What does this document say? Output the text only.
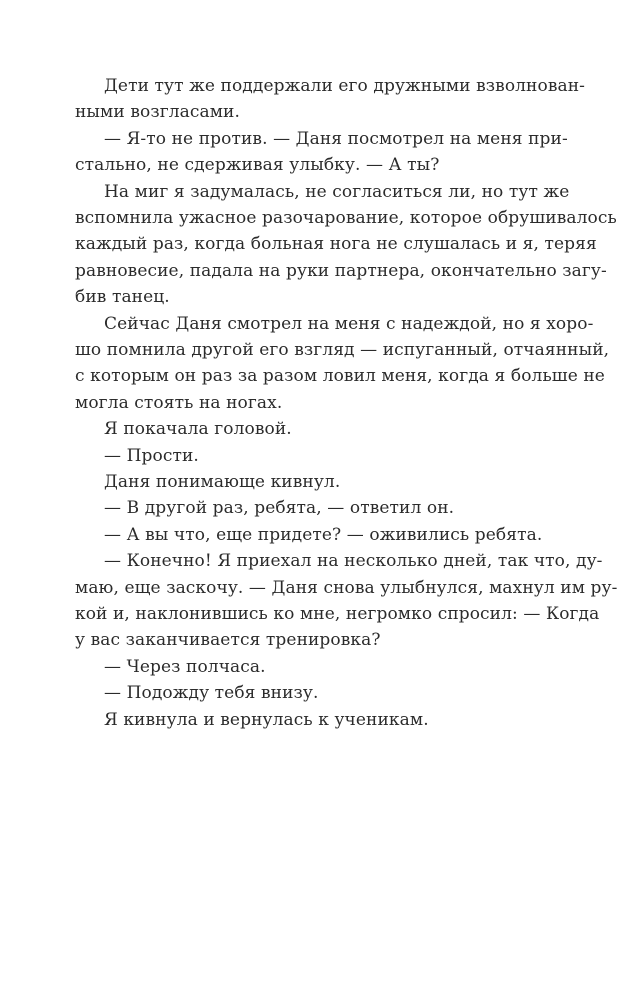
Дети тут же поддержали его дружными взволнован-
ными возгласами.
— Я-то не против. — Даня посмотрел на меня при-
стально, не сдерживая улыбку. — А ты?
На миг я задумалась, не согласиться ли, но тут же
вспомнила ужасное разочарование, которое обрушивалось
каждый раз, когда больная нога не слушалась и я, теряя
равновесие, падала на руки партнера, окончательно загу-
бив танец.
Сейчас Даня смотрел на меня с надеждой, но я хоро-
шо помнила другой его взгляд — испуганный, отчаянный,
с которым он раз за разом ловил меня, когда я больше не
могла стоять на ногах.
Я покачала головой.
— Прости.
Даня понимающе кивнул.
— В другой раз, ребята, — ответил он.
— А вы что, еще придете? — оживились ребята.
— Конечно! Я приехал на несколько дней, так что, ду-
маю, еще заскочу. — Даня снова улыбнулся, махнул им ру-
кой и, наклонившись ко мне, негромко спросил: — Когда
у вас заканчивается тренировка?
— Через полчаса.
— Подожду тебя внизу.
Я кивнула и вернулась к ученикам.
